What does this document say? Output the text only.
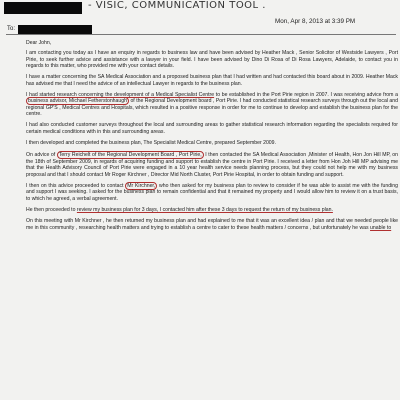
- VISIC, COMMUNICATION TOOL .
Mon, Apr 8, 2013 at 3:39 PM
To:

Dear John,

I am contacting you today as I have an enquiry in regards to business law and have been advised by Heather Mack , Senior Solicitor of Westside Lawyers , Port Pirie, to seek further advice and assistance with a lawyer in your field. I have been advised by Dino Di Rosa of Di Rosa Lawyers, Adelaide, to contact you in regards to this matter, who provided me with your contact details.

I have a matter concerning the SA Medical Association and a proposed business plan that I had written and had contacted this board about in 2009. Heather Mack has advised me that I need the advice of an intellectual Lawyer in regards to the business plan.

I had started research concerning the development of a Medical Specialist Centre to be established in the Port Pirie region in 2007. I was receiving advice from a business advisor, Michael Fetherstonhaugh of the Regional Development board , Port Pirie. I had conducted statistical research surveys through out the local and regional GP'S , Medical Centres and Hospitals, which resulted in a positive response in order for me to continue to develop and establish the business plan for the centre.

I had also conducted customer surveys throughout the local and surrounding areas to gather statistical research information regarding the specialists required for certain medical conditions with in this and surrounding areas.

I then developed and completed the business plan, The Specialist Medical Centre, prepared September 2009.

On advice of Terry Reichelt of the Regional Development Board , Port Pirie, I then contacted the SA Medical Association ,Minister of Health, Hon Jon Hill MP, on the 18th of September 2009, in regards of acquiring funding and support to establish the centre in Port Pirie. I received a letter from Hon Joh Hill MP advising me that the Health Advisory Council of Port Pirie were engaged in a 10 year health service needs planning process, but they could not help me with my business proposal and that I should contact Mr Roger Kirchner , Director Mid North Cluster, Port Pirie Hospital, in order to obtain funding and support.

I then on this advice proceeded to contact Mr Kirchner, who then asked for my business plan to review to consider if he was able to assist me with the funding and support I was seeking. I asked for the business plan to remain confidential and that it remained my property and I would allow him to review it on a trust basis, to which he agreed, a verbal agreement.

He then proceeded to review my business plan for 3 days, I contacted him after these 3 days to request the return of my business plan.

On this meeting with Mr Kirchner , he then returned my business plan and had explained to me that it was an excellent idea / plan and that we needed people like me in this community , researching health matters and trying to establish a centre to cater to these health matters / concerns , but unfortunately he was unable to
